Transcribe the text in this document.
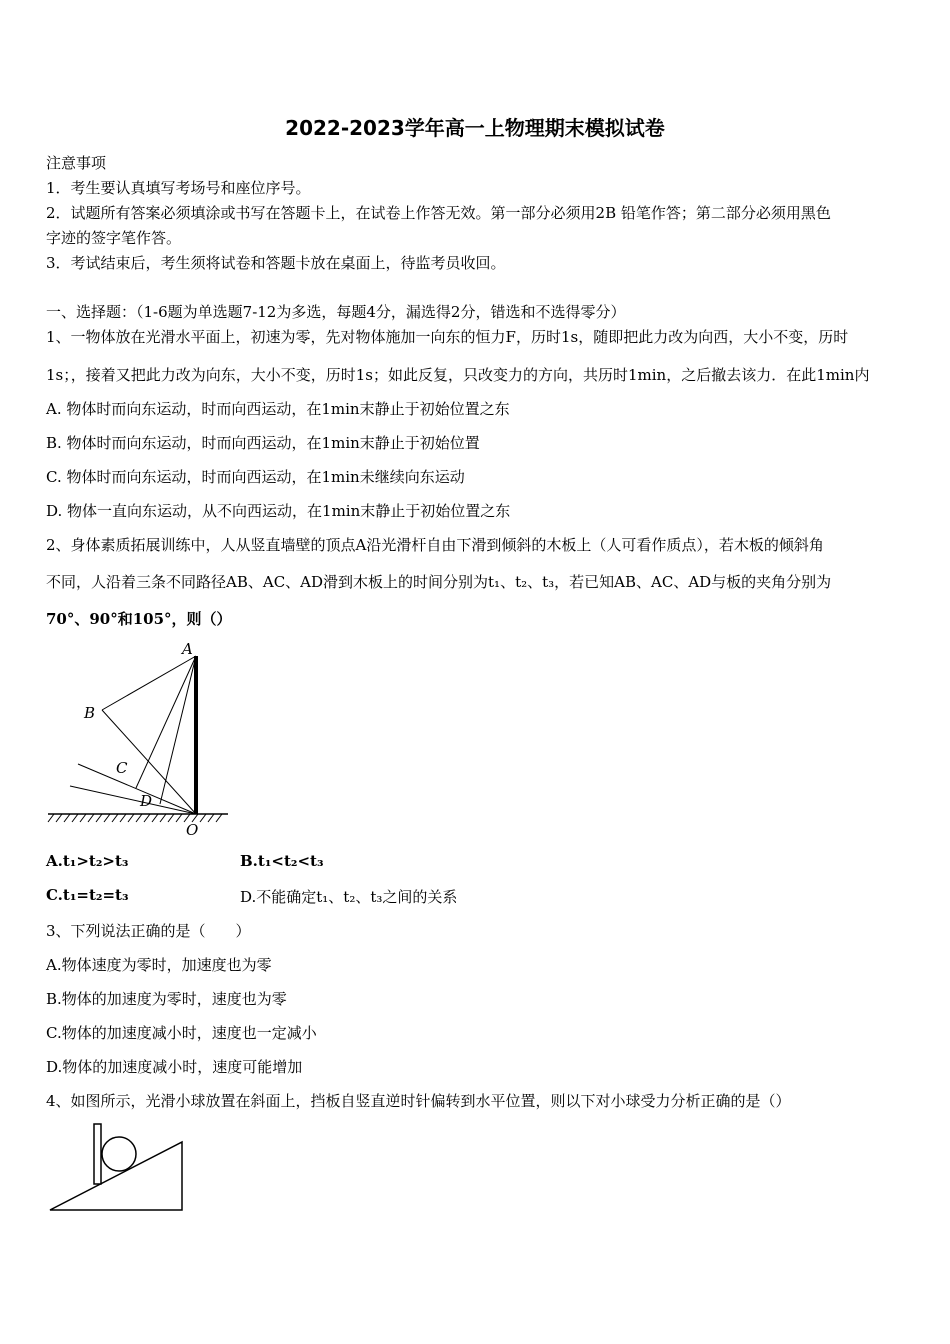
2022-2023学年高一上物理期末模拟试卷
注意事项
1．考生要认真填写考场号和座位序号。
2．试题所有答案必须填涂或书写在答题卡上，在试卷上作答无效。第一部分必须用2B 铅笔作答；第二部分必须用黑色
字迹的签字笔作答。
3．考试结束后，考生须将试卷和答题卡放在桌面上，待监考员收回。
一、选择题：（1-6题为单选题7-12为多选，每题4分，漏选得2分，错选和不选得零分）
1、一物体放在光滑水平面上，初速为零，先对物体施加一向东的恒力F，历时1s，随即把此力改为向西，大小不变，历时
1s；，接着又把此力改为向东，大小不变，历时1s；如此反复，只改变力的方向，共历时1min，之后撤去该力．在此1min内
A. 物体时而向东运动，时而向西运动，在1min末静止于初始位置之东
B. 物体时而向东运动，时而向西运动，在1min末静止于初始位置
C. 物体时而向东运动，时而向西运动，在1min未继续向东运动
D. 物体一直向东运动，从不向西运动，在1min末静止于初始位置之东
2、身体素质拓展训练中，人从竖直墙壁的顶点A沿光滑杆自由下滑到倾斜的木板上（人可看作质点），若木板的倾斜角
不同，人沿着三条不同路径AB、AC、AD滑到木板上的时间分别为t₁、t₂、t₃，若已知AB、AC、AD与板的夹角分别为
70°、90°和105°，则（）
A
B
C
D
O
A.t₁>t₂>t₃	B.t₁<t₂<t₃
C.t₁=t₂=t₃	D.不能确定t₁、t₂、t₃之间的关系
3、下列说法正确的是（　　）
A.物体速度为零时，加速度也为零
B.物体的加速度为零时，速度也为零
C.物体的加速度减小时，速度也一定减小
D.物体的加速度减小时，速度可能增加
4、如图所示，光滑小球放置在斜面上，挡板自竖直逆时针偏转到水平位置，则以下对小球受力分析正确的是（）
